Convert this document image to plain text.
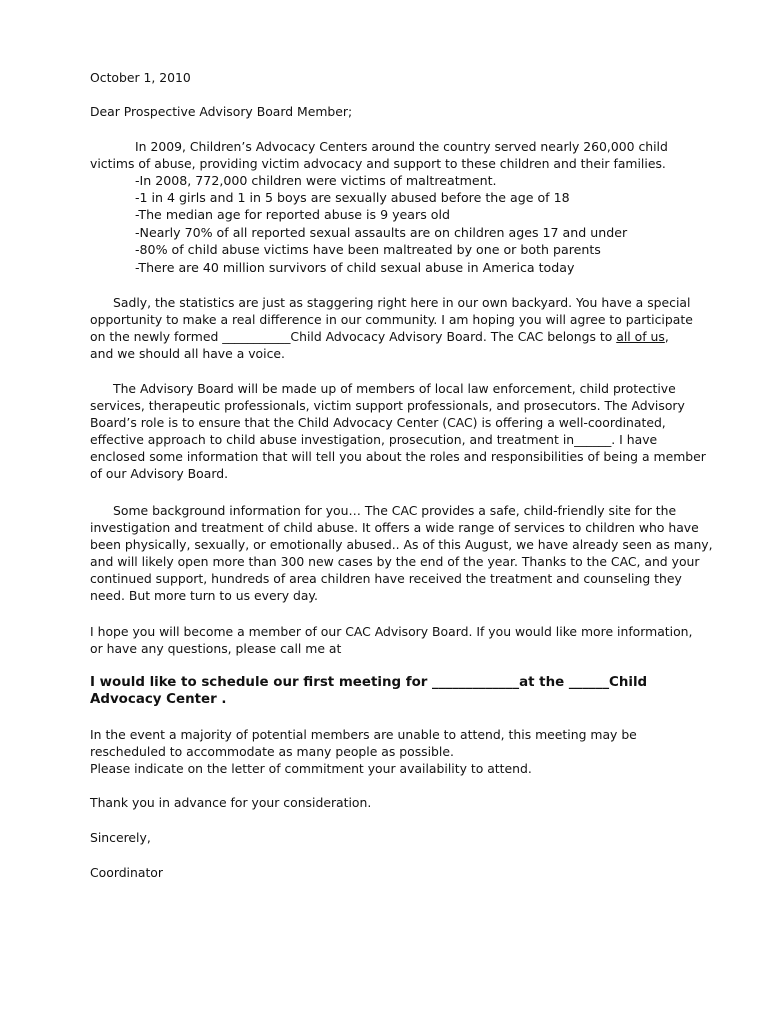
October 1, 2010
Dear Prospective Advisory Board Member;
In 2009, Children’s Advocacy Centers around the country served nearly 260,000 child
victims of abuse, providing victim advocacy and support to these children and their families.
-In 2008, 772,000 children were victims of maltreatment.
-1 in 4 girls and 1 in 5 boys are sexually abused before the age of 18
-The median age for reported abuse is 9 years old
-Nearly 70% of all reported sexual assaults are on children ages 17 and under
-80% of child abuse victims have been maltreated by one or both parents
-There are 40 million survivors of child sexual abuse in America today
Sadly, the statistics are just as staggering right here in our own backyard. You have a special
opportunity to make a real difference in our community. I am hoping you will agree to participate
on the newly formed ___________Child Advocacy Advisory Board. The CAC belongs to all of us,
and we should all have a voice.
The Advisory Board will be made up of members of local law enforcement, child protective
services, therapeutic professionals, victim support professionals, and prosecutors. The Advisory
Board’s role is to ensure that the Child Advocacy Center (CAC) is offering a well-coordinated,
effective approach to child abuse investigation, prosecution, and treatment in______. I have
enclosed some information that will tell you about the roles and responsibilities of being a member
of our Advisory Board.
Some background information for you… The CAC provides a safe, child-friendly site for the
investigation and treatment of child abuse. It offers a wide range of services to children who have
been physically, sexually, or emotionally abused.. As of this August, we have already seen as many,
and will likely open more than 300 new cases by the end of the year. Thanks to the CAC, and your
continued support, hundreds of area children have received the treatment and counseling they
need. But more turn to us every day.
I hope you will become a member of our CAC Advisory Board. If you would like more information,
or have any questions, please call me at
I would like to schedule our first meeting for _____________at the ______Child
Advocacy Center .
In the event a majority of potential members are unable to attend, this meeting may be
rescheduled to accommodate as many people as possible.
Please indicate on the letter of commitment your availability to attend.
Thank you in advance for your consideration.
Sincerely,
Coordinator
